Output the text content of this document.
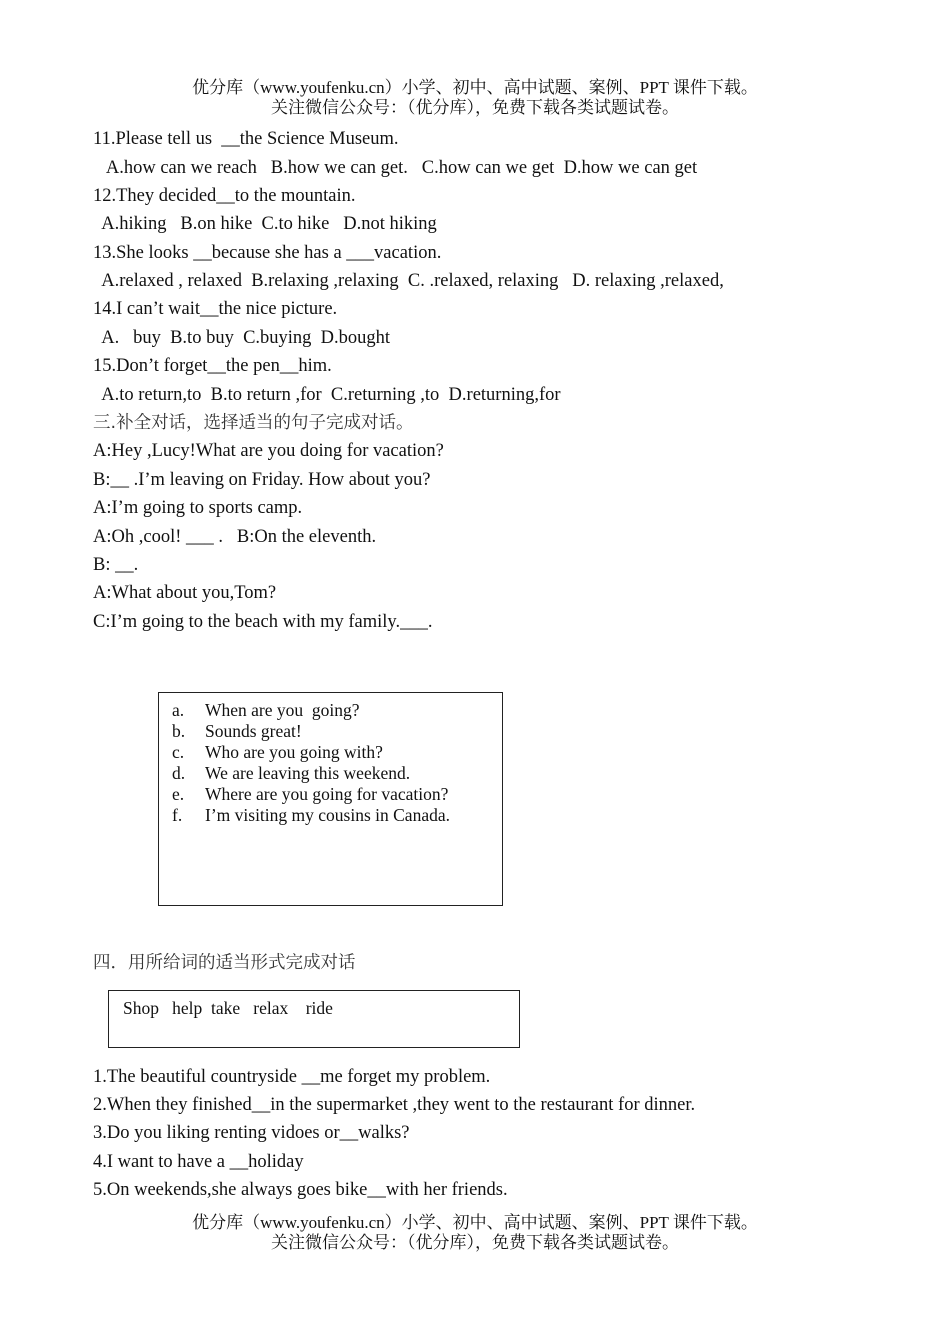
优分库（www.youfenku.cn）小学、初中、高中试题、案例、PPT 课件下载。
关注微信公众号：（优分库），免费下载各类试题试卷。
11.Please tell us  __the Science Museum.
A.how can we reach   B.how we can get.   C.how can we get  D.how we can get
12.They decided__to the mountain.
A.hiking   B.on hike  C.to hike   D.not hiking
13.She looks __because she has a ___vacation.
A.relaxed , relaxed  B.relaxing ,relaxing  C. .relaxed, relaxing   D. relaxing ,relaxed,
14.I can’t wait__the nice picture.
A.   buy  B.to buy  C.buying  D.bought
15.Don’t forget__the pen__him.
A.to return,to  B.to return ,for  C.returning ,to  D.returning,for
三.补全对话，选择适当的句子完成对话。
A:Hey ,Lucy!What are you doing for vacation?
B:__ .I’m leaving on Friday. How about you?
A:I’m going to sports camp.
A:Oh ,cool! ___ .   B:On the eleventh.
B: __.
A:What about you,Tom?
C:I’m going to the beach with my family.___.
a. When are you  going?
b. Sounds great!
c. Who are you going with?
d. We are leaving this weekend.
e. Where are you going for vacation?
f. I’m visiting my cousins in Canada.
四．用所给词的适当形式完成对话
Shop   help  take   relax    ride
1.The beautiful countryside __me forget my problem.
2.When they finished__in the supermarket ,they went to the restaurant for dinner.
3.Do you liking renting vidoes or__walks?
4.I want to have a __holiday
5.On weekends,she always goes bike__with her friends.
优分库（www.youfenku.cn）小学、初中、高中试题、案例、PPT 课件下载。
关注微信公众号：（优分库），免费下载各类试题试卷。
